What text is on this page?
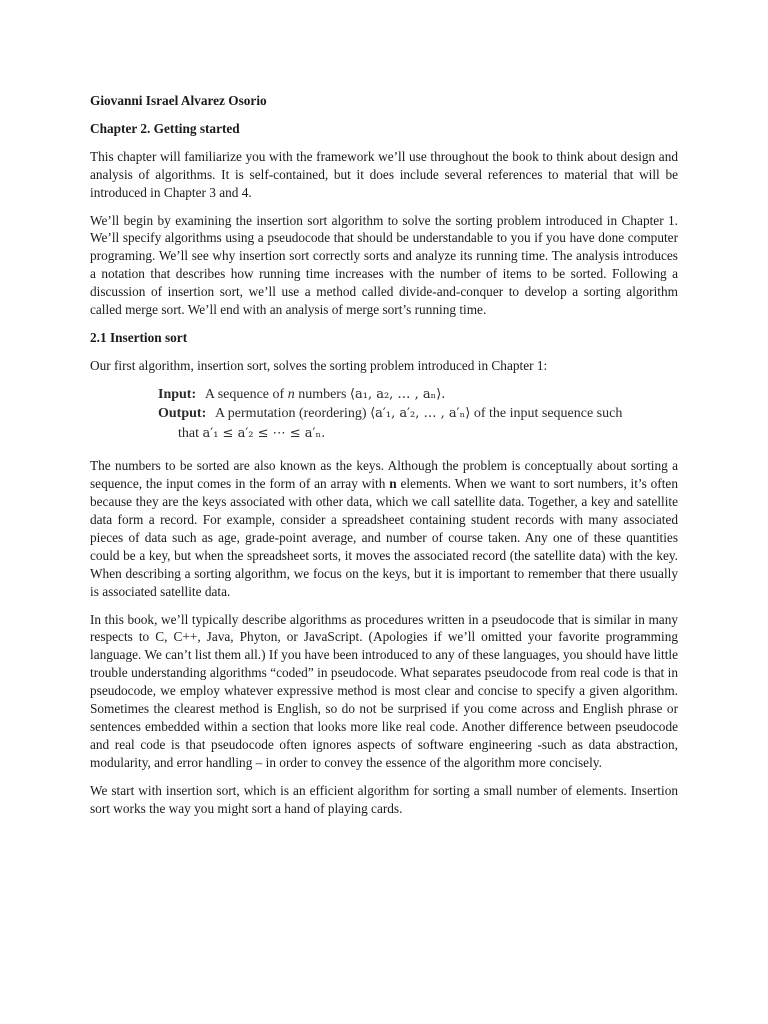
Giovanni Israel Alvarez Osorio

Chapter 2. Getting started

This chapter will familiarize you with the framework we’ll use throughout the book to think about design and analysis of algorithms. It is self-contained, but it does include several references to material that will be introduced in Chapter 3 and 4.

We’ll begin by examining the insertion sort algorithm to solve the sorting problem introduced in Chapter 1. We’ll specify algorithms using a pseudocode that should be understandable to you if you have done computer programing. We’ll see why insertion sort correctly sorts and analyze its running time. The analysis introduces a notation that describes how running time increases with the number of items to be sorted. Following a discussion of insertion sort, we’ll use a method called divide-and-conquer to develop a sorting algorithm called merge sort. We’ll end with an analysis of merge sort’s running time.

2.1 Insertion sort

Our first algorithm, insertion sort, solves the sorting problem introduced in Chapter 1:

Input: A sequence of n numbers ⟨a₁, a₂, … , aₙ⟩.
Output: A permutation (reordering) ⟨a′₁, a′₂, … , a′ₙ⟩ of the input sequence such
that a′₁ ≤ a′₂ ≤ ⋯ ≤ a′ₙ.

The numbers to be sorted are also known as the keys. Although the problem is conceptually about sorting a sequence, the input comes in the form of an array with n elements. When we want to sort numbers, it’s often because they are the keys associated with other data, which we call satellite data. Together, a key and satellite data form a record. For example, consider a spreadsheet containing student records with many associated pieces of data such as age, grade-point average, and number of course taken. Any one of these quantities could be a key, but when the spreadsheet sorts, it moves the associated record (the satellite data) with the key. When describing a sorting algorithm, we focus on the keys, but it is important to remember that there usually is associated satellite data.

In this book, we’ll typically describe algorithms as procedures written in a pseudocode that is similar in many respects to C, C++, Java, Phyton, or JavaScript. (Apologies if we’ll omitted your favorite programming language. We can’t list them all.) If you have been introduced to any of these languages, you should have little trouble understanding algorithms “coded” in pseudocode. What separates pseudocode from real code is that in pseudocode, we employ whatever expressive method is most clear and concise to specify a given algorithm. Sometimes the clearest method is English, so do not be surprised if you come across and English phrase or sentences embedded within a section that looks more like real code. Another difference between pseudocode and real code is that pseudocode often ignores aspects of software engineering -such as data abstraction, modularity, and error handling – in order to convey the essence of the algorithm more concisely.

We start with insertion sort, which is an efficient algorithm for sorting a small number of elements. Insertion sort works the way you might sort a hand of playing cards.
